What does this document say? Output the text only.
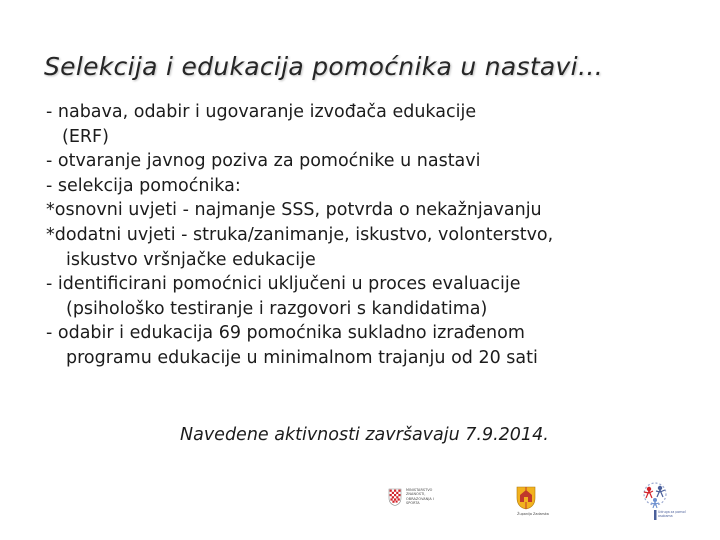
Selekcija i edukacija pomoćnika u nastavi…
- nabava, odabir i ugovaranje izvođača edukacije
(ERF)
- otvaranje javnog poziva za pomoćnike u nastavi
- selekcija pomoćnika:
*osnovni uvjeti - najmanje SSS, potvrda o nekažnjavanju
*dodatni uvjeti - struka/zanimanje, iskustvo, volonterstvo,
iskustvo vršnjačke edukacije
- identificirani pomoćnici uključeni u proces evaluacije
(psihološko testiranje i razgovori s kandidatima)
- odabir i edukacija 69 pomoćnika sukladno izrađenom
programu edukacije u minimalnom trajanju od 20 sati
Navedene aktivnosti završavaju 7.9.2014.
MINISTARSTVO ZNANOSTI, OBRAZOVANJA I SPORTA
Županija Zadarska	Udruga za pomoć osobama
